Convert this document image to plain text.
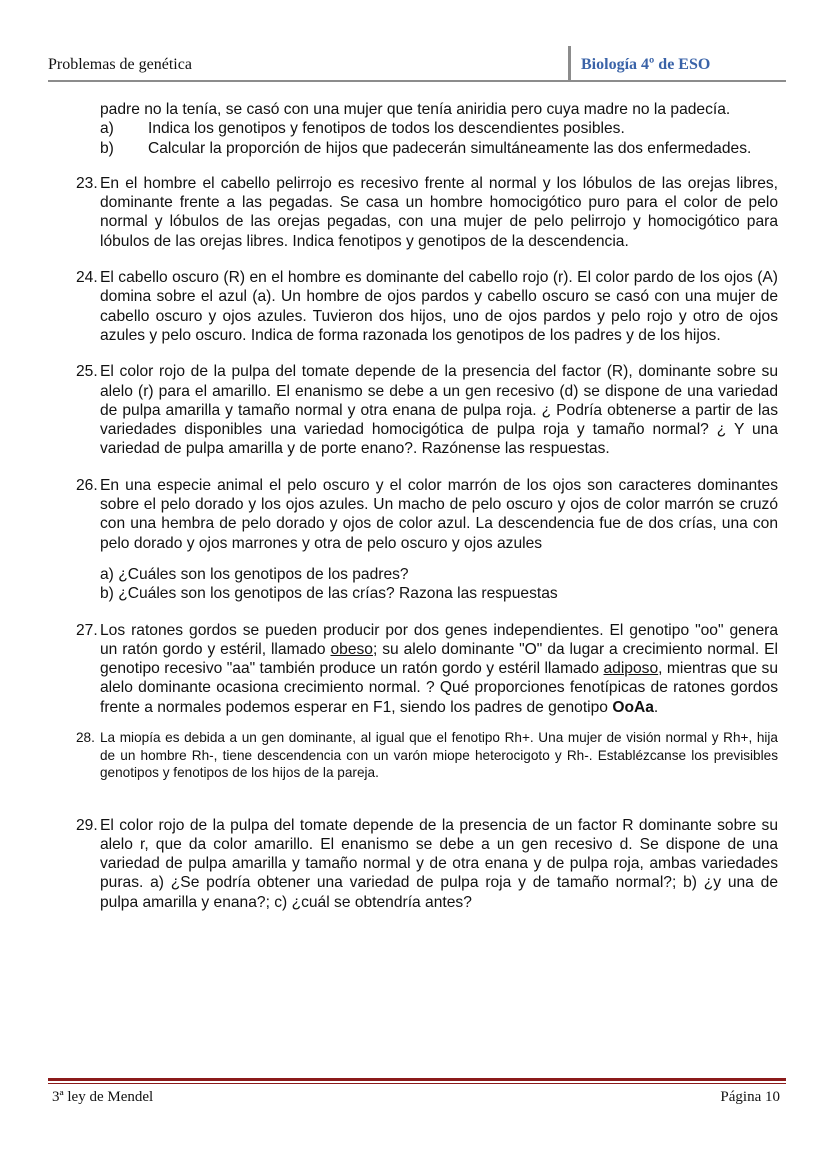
Problemas de genética	Biología 4º de ESO
padre no la tenía, se casó con una mujer que tenía aniridia pero cuya madre no la padecía.
a)	Indica los genotipos y fenotipos de todos los descendientes posibles.
b)	Calcular la proporción de hijos que padecerán simultáneamente las dos enfermedades.
23. En el hombre el cabello pelirrojo es recesivo frente al normal y los lóbulos de las orejas libres, dominante frente a las pegadas. Se casa un hombre homocigótico puro para el color de pelo normal y lóbulos de las orejas pegadas, con una mujer de pelo pelirrojo y homocigótico para lóbulos de las orejas libres. Indica fenotipos y genotipos de la descendencia.
24. El cabello oscuro (R) en el hombre es dominante del cabello rojo (r). El color pardo de los ojos (A) domina sobre el azul (a). Un hombre de ojos pardos y cabello oscuro se casó con una mujer de cabello oscuro y ojos azules. Tuvieron dos hijos, uno de ojos pardos y pelo rojo y otro de ojos azules y pelo oscuro. Indica de forma razonada los genotipos de los padres y de los hijos.
25. El color rojo de la pulpa del tomate depende de la presencia del factor (R), dominante sobre su alelo (r) para el amarillo. El enanismo se debe a un gen recesivo (d) se dispone de una variedad de pulpa amarilla y tamaño normal y otra enana de pulpa roja. ¿ Podría obtenerse a partir de las variedades disponibles una variedad homocigótica de pulpa roja y tamaño normal? ¿ Y una variedad de pulpa amarilla y de porte enano?. Razónense las respuestas.
26. En una especie animal el pelo oscuro y el color marrón de los ojos son caracteres dominantes sobre el pelo dorado y los ojos azules. Un macho de pelo oscuro y ojos de color marrón se cruzó con una hembra de pelo dorado y ojos de color azul. La descendencia fue de dos crías, una con pelo dorado y ojos marrones y otra de pelo oscuro y ojos azules
a) ¿Cuáles son los genotipos de los padres?
b) ¿Cuáles son los genotipos de las crías? Razona las respuestas
27. Los ratones gordos se pueden producir por dos genes independientes. El genotipo "oo" genera un ratón gordo y estéril, llamado obeso; su alelo dominante "O" da lugar a crecimiento normal. El genotipo recesivo "aa" también produce un ratón gordo y estéril llamado adiposo, mientras que su alelo dominante ocasiona crecimiento normal. ? Qué proporciones fenotípicas de ratones gordos frente a normales podemos esperar en F1, siendo los padres de genotipo OoAa.
28. La miopía es debida a un gen dominante, al igual que el fenotipo Rh+. Una mujer de visión normal y Rh+, hija de un hombre Rh-, tiene descendencia con un varón miope heterocigoto y Rh-. Establézcanse los previsibles genotipos y fenotipos de los hijos de la pareja.
29. El color rojo de la pulpa del tomate depende de la presencia de un factor R dominante sobre su alelo r, que da color amarillo. El enanismo se debe a un gen recesivo d. Se dispone de una variedad de pulpa amarilla y tamaño normal y de otra enana y de pulpa roja, ambas variedades puras. a) ¿Se podría obtener una variedad de pulpa roja y de tamaño normal?; b) ¿y una de pulpa amarilla y enana?; c) ¿cuál se obtendría antes?
3ª ley de Mendel	Página 10
